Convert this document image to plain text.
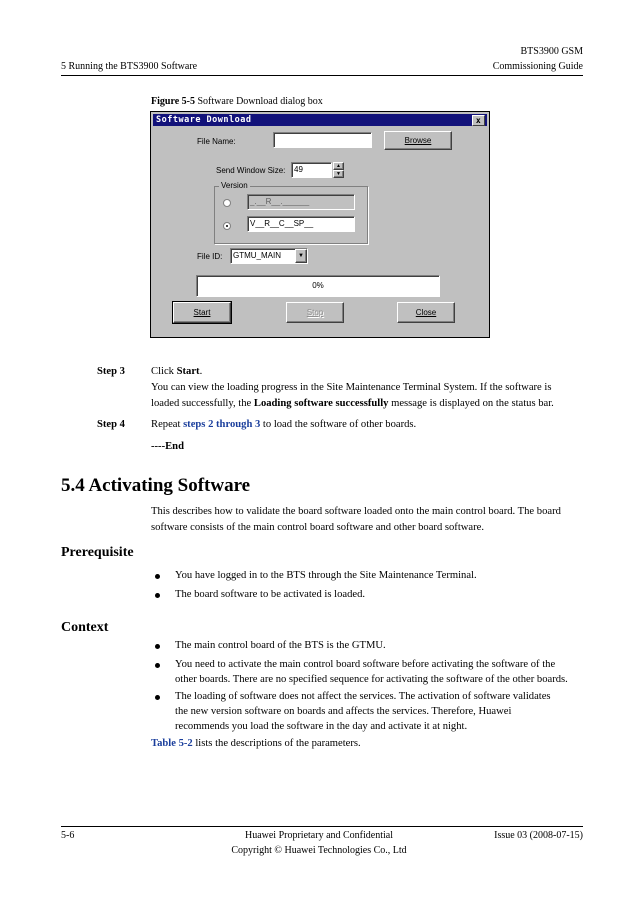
BTS3900 GSM
Commissioning Guide
5 Running the BTS3900 Software
Figure 5-5 Software Download dialog box
Software Download	x
File Name:	Browse
Send Window Size:	49	▲
▼
Version
_.__R__.______
V__R__C__SP__
File ID:	GTMU_MAIN	▼
0%
Start	Stop	Close
Step 3 Click Start.
You can view the loading progress in the Site Maintenance Terminal System. If the software is
loaded successfully, the Loading software successfully message is displayed on the status bar.
Step 4 Repeat steps 2 through 3 to load the software of other boards.
----End
5.4 Activating Software
This describes how to validate the board software loaded onto the main control board. The board
software consists of the main control board software and other board software.
Prerequisite
You have logged in to the BTS through the Site Maintenance Terminal.
The board software to be activated is loaded.
Context
The main control board of the BTS is the GTMU.
You need to activate the main control board software before activating the software of the
other boards. There are no specified sequence for activating the software of the other boards.
The loading of software does not affect the services. The activation of software validates
the new version software on boards and affects the services. Therefore, Huawei
recommends you load the software in the day and activate it at night.
Table 5-2 lists the descriptions of the parameters.
5-6	Huawei Proprietary and Confidential
Copyright © Huawei Technologies Co., Ltd
Issue 03 (2008-07-15)
